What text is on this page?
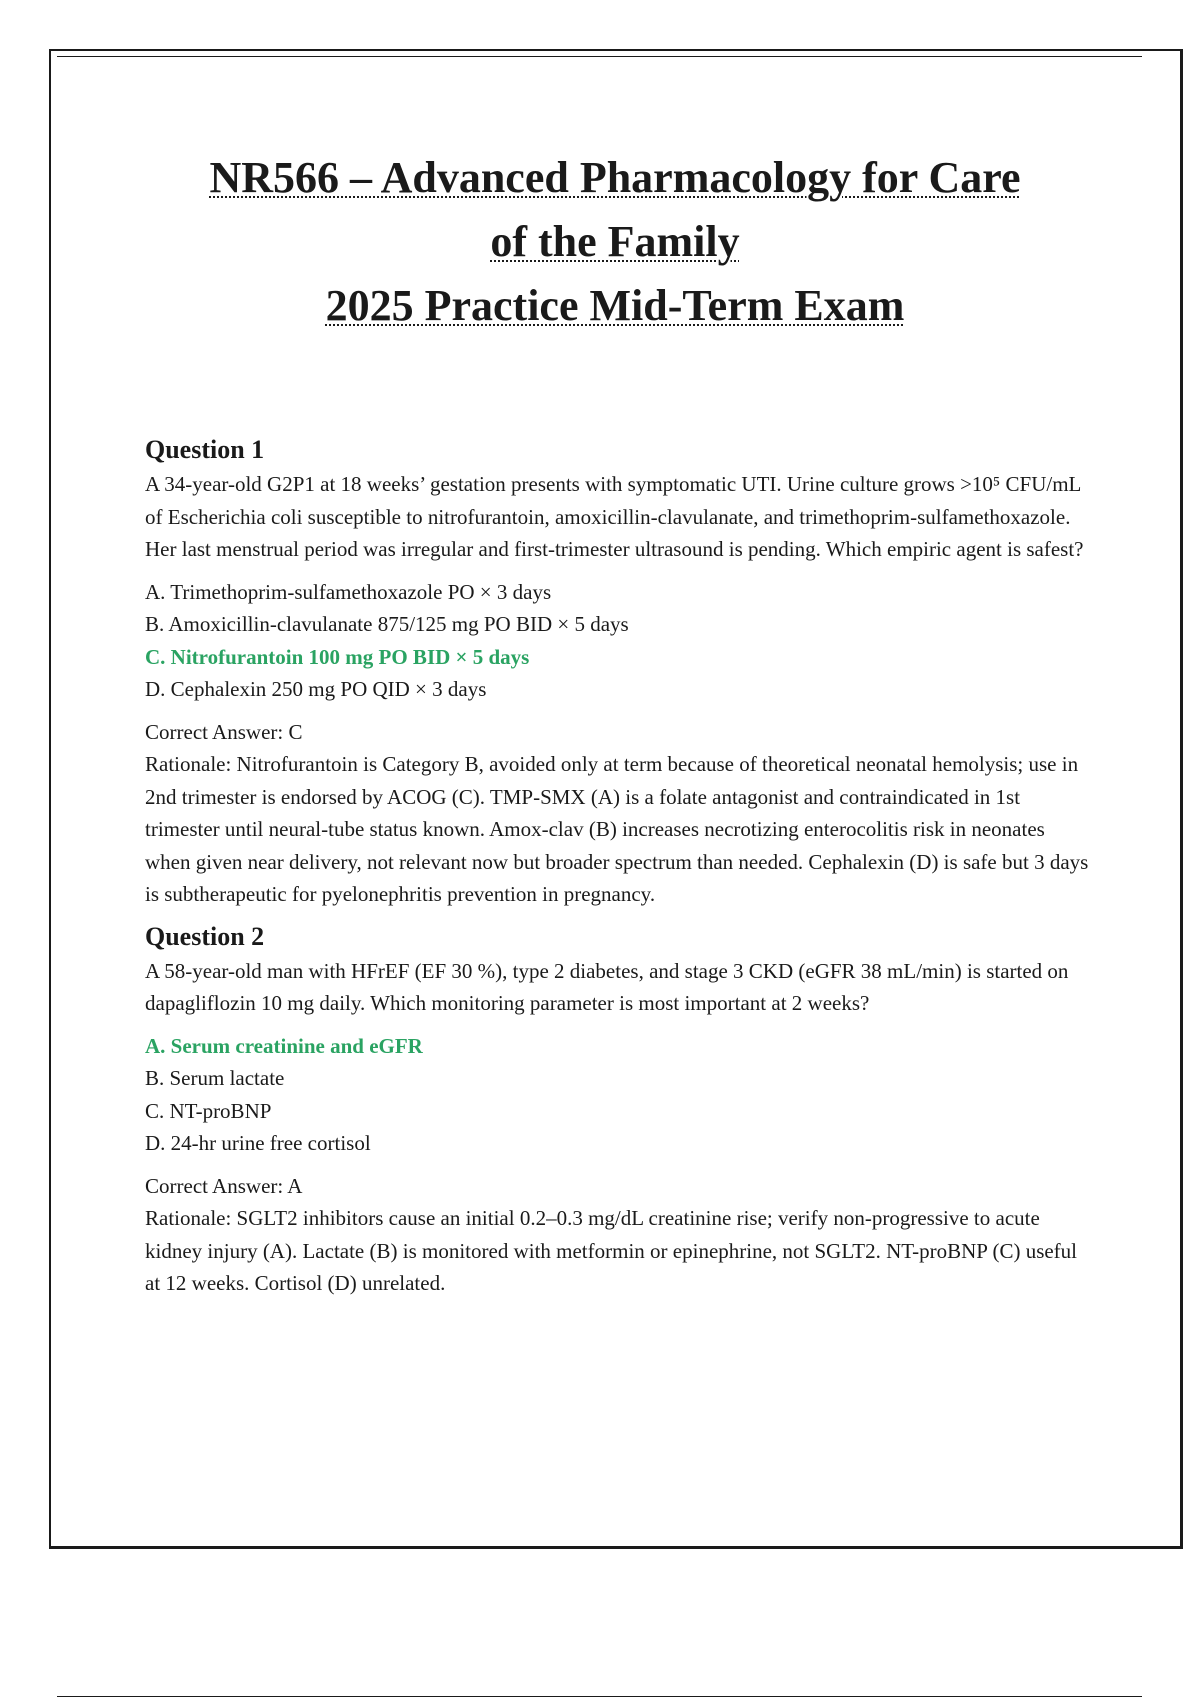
NR566 – Advanced Pharmacology for Care
of the Family
2025 Practice Mid-Term Exam
Question 1

A 34-year-old G2P1 at 18 weeks’ gestation presents with symptomatic UTI. Urine culture grows >10⁵ CFU/mL of Escherichia coli susceptible to nitrofurantoin, amoxicillin-clavulanate, and trimethoprim-sulfamethoxazole. Her last menstrual period was irregular and first-trimester ultrasound is pending. Which empiric agent is safest?

A. Trimethoprim-sulfamethoxazole PO × 3 days
B. Amoxicillin-clavulanate 875/125 mg PO BID × 5 days
C. Nitrofurantoin 100 mg PO BID × 5 days
D. Cephalexin 250 mg PO QID × 3 days

Correct Answer: C

Rationale: Nitrofurantoin is Category B, avoided only at term because of theoretical neonatal hemolysis; use in 2nd trimester is endorsed by ACOG (C). TMP-SMX (A) is a folate antagonist and contraindicated in 1st trimester until neural-tube status known. Amox-clav (B) increases necrotizing enterocolitis risk in neonates when given near delivery, not relevant now but broader spectrum than needed. Cephalexin (D) is safe but 3 days is subtherapeutic for pyelonephritis prevention in pregnancy.

Question 2

A 58-year-old man with HFrEF (EF 30 %), type 2 diabetes, and stage 3 CKD (eGFR 38 mL/min) is started on dapagliflozin 10 mg daily. Which monitoring parameter is most important at 2 weeks?

A. Serum creatinine and eGFR
B. Serum lactate
C. NT-proBNP
D. 24-hr urine free cortisol

Correct Answer: A

Rationale: SGLT2 inhibitors cause an initial 0.2–0.3 mg/dL creatinine rise; verify non-progressive to acute kidney injury (A). Lactate (B) is monitored with metformin or epinephrine, not SGLT2. NT-proBNP (C) useful at 12 weeks. Cortisol (D) unrelated.
